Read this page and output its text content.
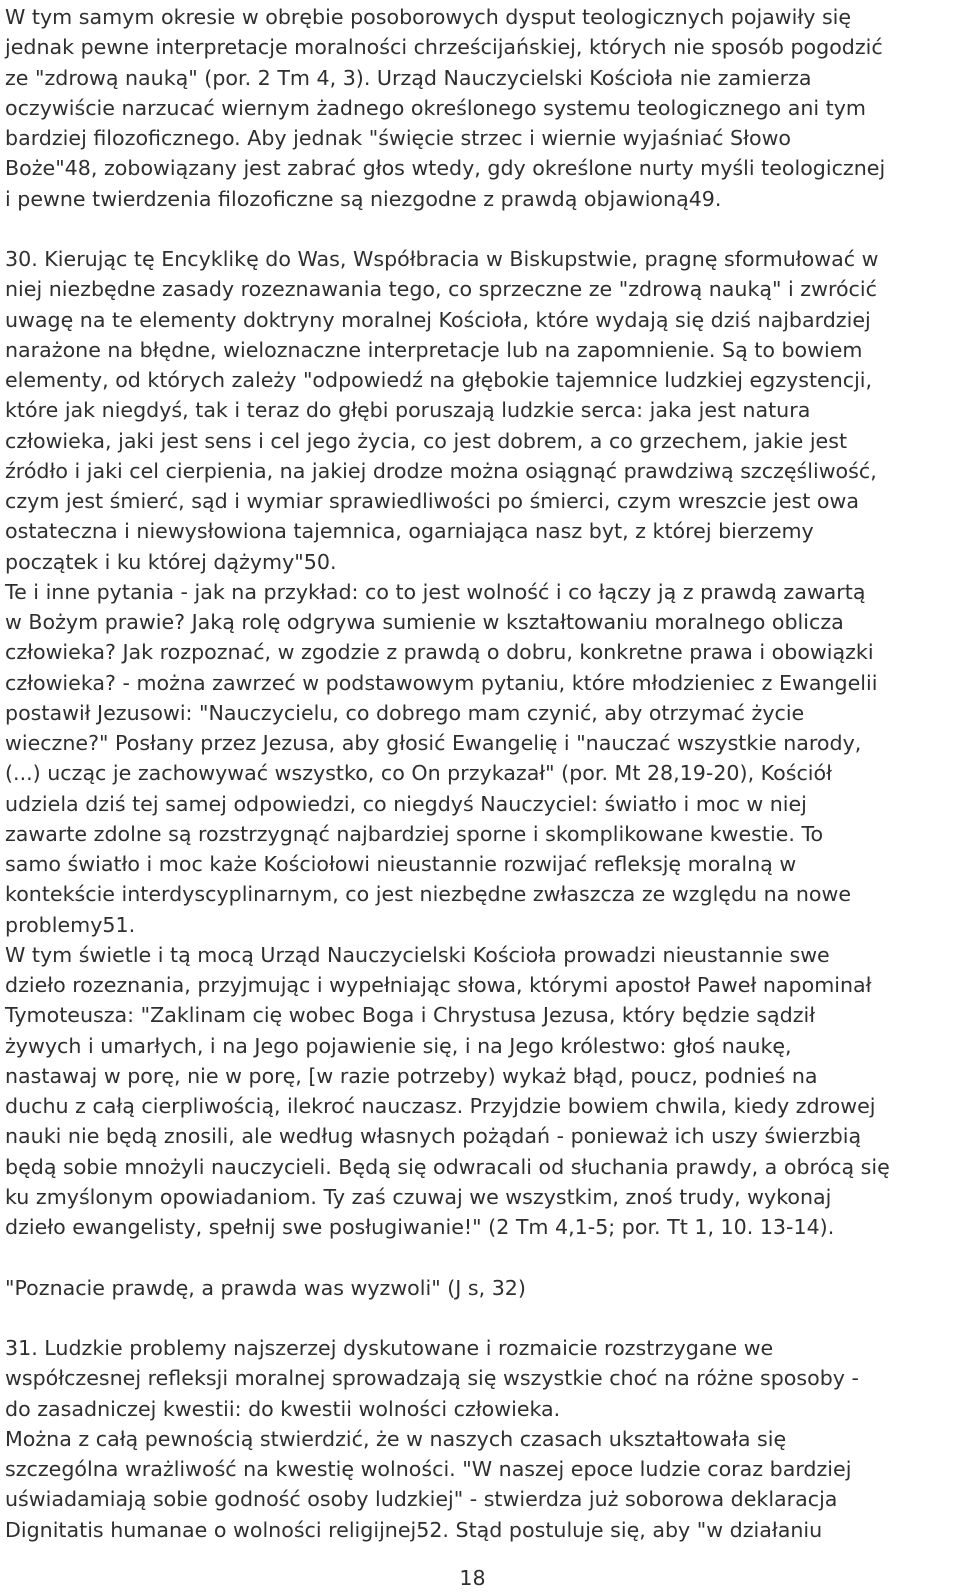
W tym samym okresie w obrębie posoborowych dysput teologicznych pojawiły się
jednak pewne interpretacje moralności chrześcijańskiej, których nie sposób pogodzić
ze "zdrową nauką" (por. 2 Tm 4, 3). Urząd Nauczycielski Kościoła nie zamierza
oczywiście narzucać wiernym żadnego określonego systemu teologicznego ani tym
bardziej filozoficznego. Aby jednak "święcie strzec i wiernie wyjaśniać Słowo
Boże"48, zobowiązany jest zabrać głos wtedy, gdy określone nurty myśli teologicznej
i pewne twierdzenia filozoficzne są niezgodne z prawdą objawioną49.

30. Kierując tę Encyklikę do Was, Współbracia w Biskupstwie, pragnę sformułować w
niej niezbędne zasady rozeznawania tego, co sprzeczne ze "zdrową nauką" i zwrócić
uwagę na te elementy doktryny moralnej Kościoła, które wydają się dziś najbardziej
narażone na błędne, wieloznaczne interpretacje lub na zapomnienie. Są to bowiem
elementy, od których zależy "odpowiedź na głębokie tajemnice ludzkiej egzystencji,
które jak niegdyś, tak i teraz do głębi poruszają ludzkie serca: jaka jest natura
człowieka, jaki jest sens i cel jego życia, co jest dobrem, a co grzechem, jakie jest
źródło i jaki cel cierpienia, na jakiej drodze można osiągnąć prawdziwą szczęśliwość,
czym jest śmierć, sąd i wymiar sprawiedliwości po śmierci, czym wreszcie jest owa
ostateczna i niewysłowiona tajemnica, ogarniająca nasz byt, z której bierzemy
początek i ku której dążymy"50.

Te i inne pytania - jak na przykład: co to jest wolność i co łączy ją z prawdą zawartą
w Bożym prawie? Jaką rolę odgrywa sumienie w kształtowaniu moralnego oblicza
człowieka? Jak rozpoznać, w zgodzie z prawdą o dobru, konkretne prawa i obowiązki
człowieka? - można zawrzeć w podstawowym pytaniu, które młodzieniec z Ewangelii
postawił Jezusowi: "Nauczycielu, co dobrego mam czynić, aby otrzymać życie
wieczne?" Posłany przez Jezusa, aby głosić Ewangelię i "nauczać wszystkie narody,
(...) ucząc je zachowywać wszystko, co On przykazał" (por. Mt 28,19-20), Kościół
udziela dziś tej samej odpowiedzi, co niegdyś Nauczyciel: światło i moc w niej
zawarte zdolne są rozstrzygnąć najbardziej sporne i skomplikowane kwestie. To
samo światło i moc każe Kościołowi nieustannie rozwijać refleksję moralną w
kontekście interdyscyplinarnym, co jest niezbędne zwłaszcza ze względu na nowe
problemy51.

W tym świetle i tą mocą Urząd Nauczycielski Kościoła prowadzi nieustannie swe
dzieło rozeznania, przyjmując i wypełniając słowa, którymi apostoł Paweł napominał
Tymoteusza: "Zaklinam cię wobec Boga i Chrystusa Jezusa, który będzie sądził
żywych i umarłych, i na Jego pojawienie się, i na Jego królestwo: głoś naukę,
nastawaj w porę, nie w porę, [w razie potrzeby) wykaż błąd, poucz, podnieś na
duchu z całą cierpliwością, ilekroć nauczasz. Przyjdzie bowiem chwila, kiedy zdrowej
nauki nie będą znosili, ale według własnych pożądań - ponieważ ich uszy świerzbią
będą sobie mnożyli nauczycieli. Będą się odwracali od słuchania prawdy, a obrócą się
ku zmyślonym opowiadaniom. Ty zaś czuwaj we wszystkim, znoś trudy, wykonaj
dzieło ewangelisty, spełnij swe posługiwanie!" (2 Tm 4,1-5; por. Tt 1, 10. 13-14).

"Poznacie prawdę, a prawda was wyzwoli" (J s, 32)

31. Ludzkie problemy najszerzej dyskutowane i rozmaicie rozstrzygane we
współczesnej refleksji moralnej sprowadzają się wszystkie choć na różne sposoby -
do zasadniczej kwestii: do kwestii wolności człowieka.

Można z całą pewnością stwierdzić, że w naszych czasach ukształtowała się
szczególna wrażliwość na kwestię wolności. "W naszej epoce ludzie coraz bardziej
uświadamiają sobie godność osoby ludzkiej" - stwierdza już soborowa deklaracja
Dignitatis humanae o wolności religijnej52. Stąd postuluje się, aby "w działaniu

18
